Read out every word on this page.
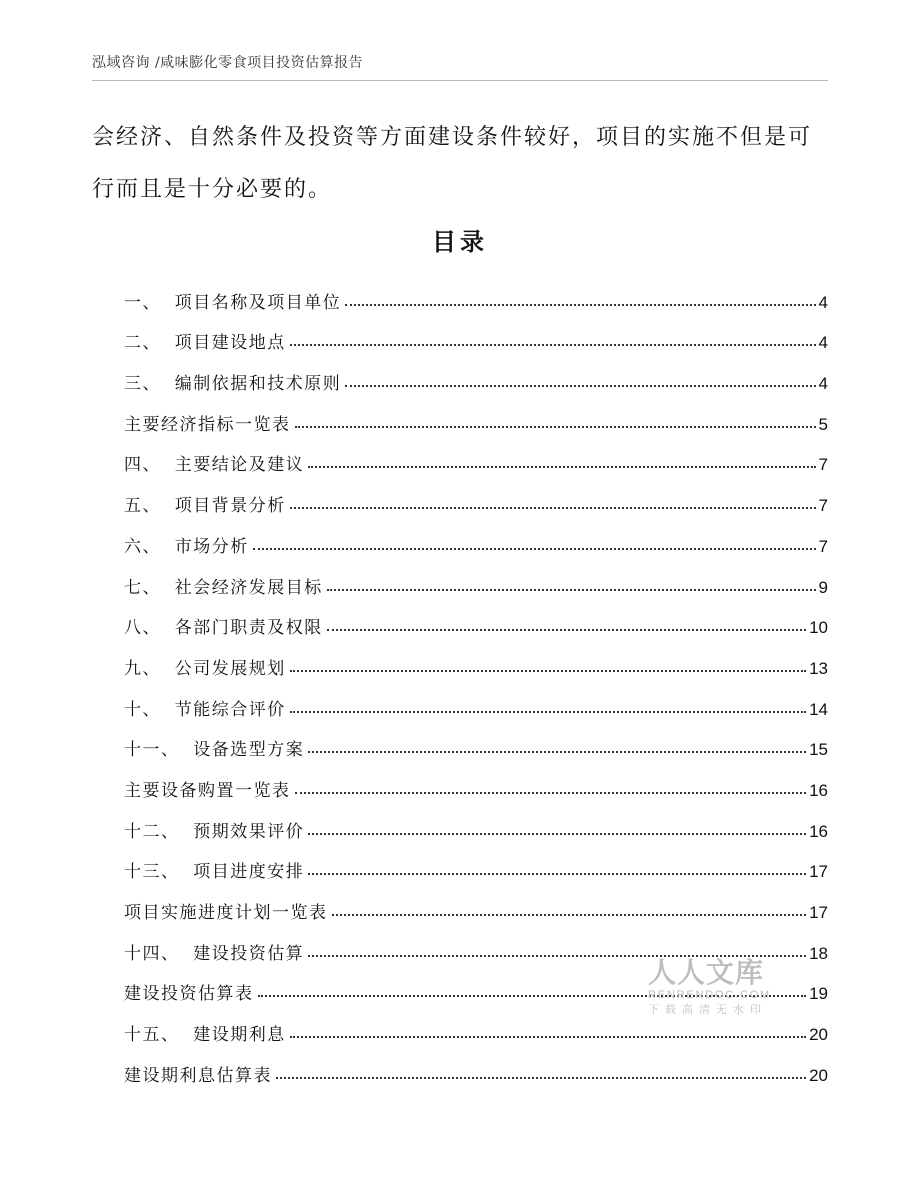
泓域咨询 /咸味膨化零食项目投资估算报告
会经济、自然条件及投资等方面建设条件较好，项目的实施不但是可
行而且是十分必要的。
目录
一、  项目名称及项目单位	4
二、  项目建设地点	4
三、  编制依据和技术原则	4
主要经济指标一览表	5
四、  主要结论及建议	7
五、  项目背景分析	7
六、  市场分析	7
七、  社会经济发展目标	9
八、  各部门职责及权限	10
九、  公司发展规划	13
十、  节能综合评价	14
十一、  设备选型方案	15
主要设备购置一览表	16
十二、  预期效果评价	16
十三、  项目进度安排	17
项目实施进度计划一览表	17
十四、  建设投资估算	18
建设投资估算表	19
十五、  建设期利息	20
建设期利息估算表	20
人人文库
RENRENDOC.COM
下载高清无水印
